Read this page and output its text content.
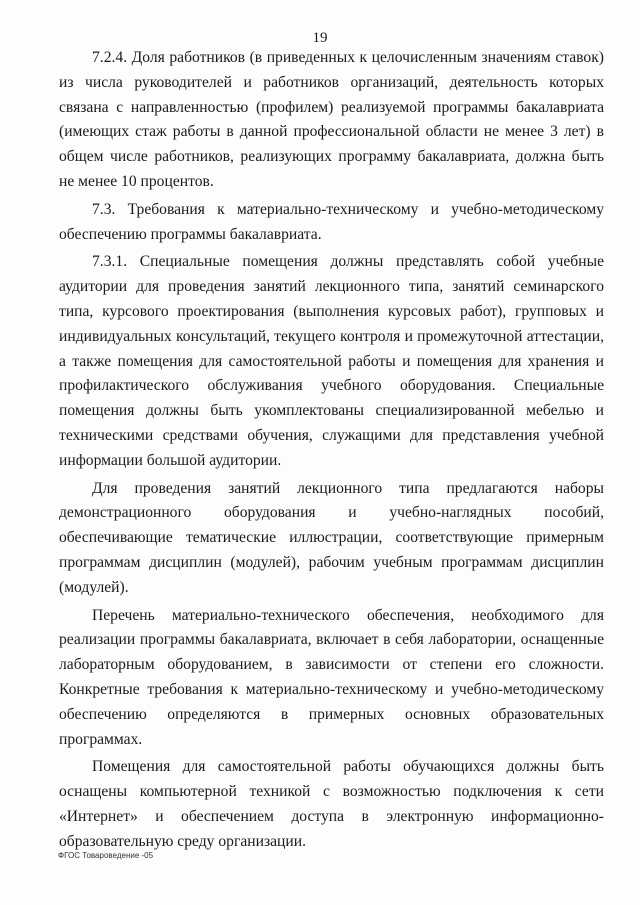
19

7.2.4. Доля работников (в приведенных к целочисленным значениям ставок) из числа руководителей и работников организаций, деятельность которых связана с направленностью (профилем) реализуемой программы бакалавриата (имеющих стаж работы в данной профессиональной области не менее 3 лет) в общем числе работников, реализующих программу бакалавриата, должна быть не менее 10 процентов.

7.3. Требования к материально-техническому и учебно-методическому обеспечению программы бакалавриата.

7.3.1. Специальные помещения должны представлять собой учебные аудитории для проведения занятий лекционного типа, занятий семинарского типа, курсового проектирования (выполнения курсовых работ), групповых и индивидуальных консультаций, текущего контроля и промежуточной аттестации, а также помещения для самостоятельной работы и помещения для хранения и профилактического обслуживания учебного оборудования. Специальные помещения должны быть укомплектованы специализированной мебелью и техническими средствами обучения, служащими для представления учебной информации большой аудитории.

Для проведения занятий лекционного типа предлагаются наборы демонстрационного оборудования и учебно-наглядных пособий, обеспечивающие тематические иллюстрации, соответствующие примерным программам дисциплин (модулей), рабочим учебным программам дисциплин (модулей).

Перечень материально-технического обеспечения, необходимого для реализации программы бакалавриата, включает в себя лаборатории, оснащенные лабораторным оборудованием, в зависимости от степени его сложности. Конкретные требования к материально-техническому и учебно-методическому обеспечению определяются в примерных основных образовательных программах.

Помещения для самостоятельной работы обучающихся должны быть оснащены компьютерной техникой с возможностью подключения к сети «Интернет» и обеспечением доступа в электронную информационно-образовательную среду организации.

ФГОС Товароведение -05
